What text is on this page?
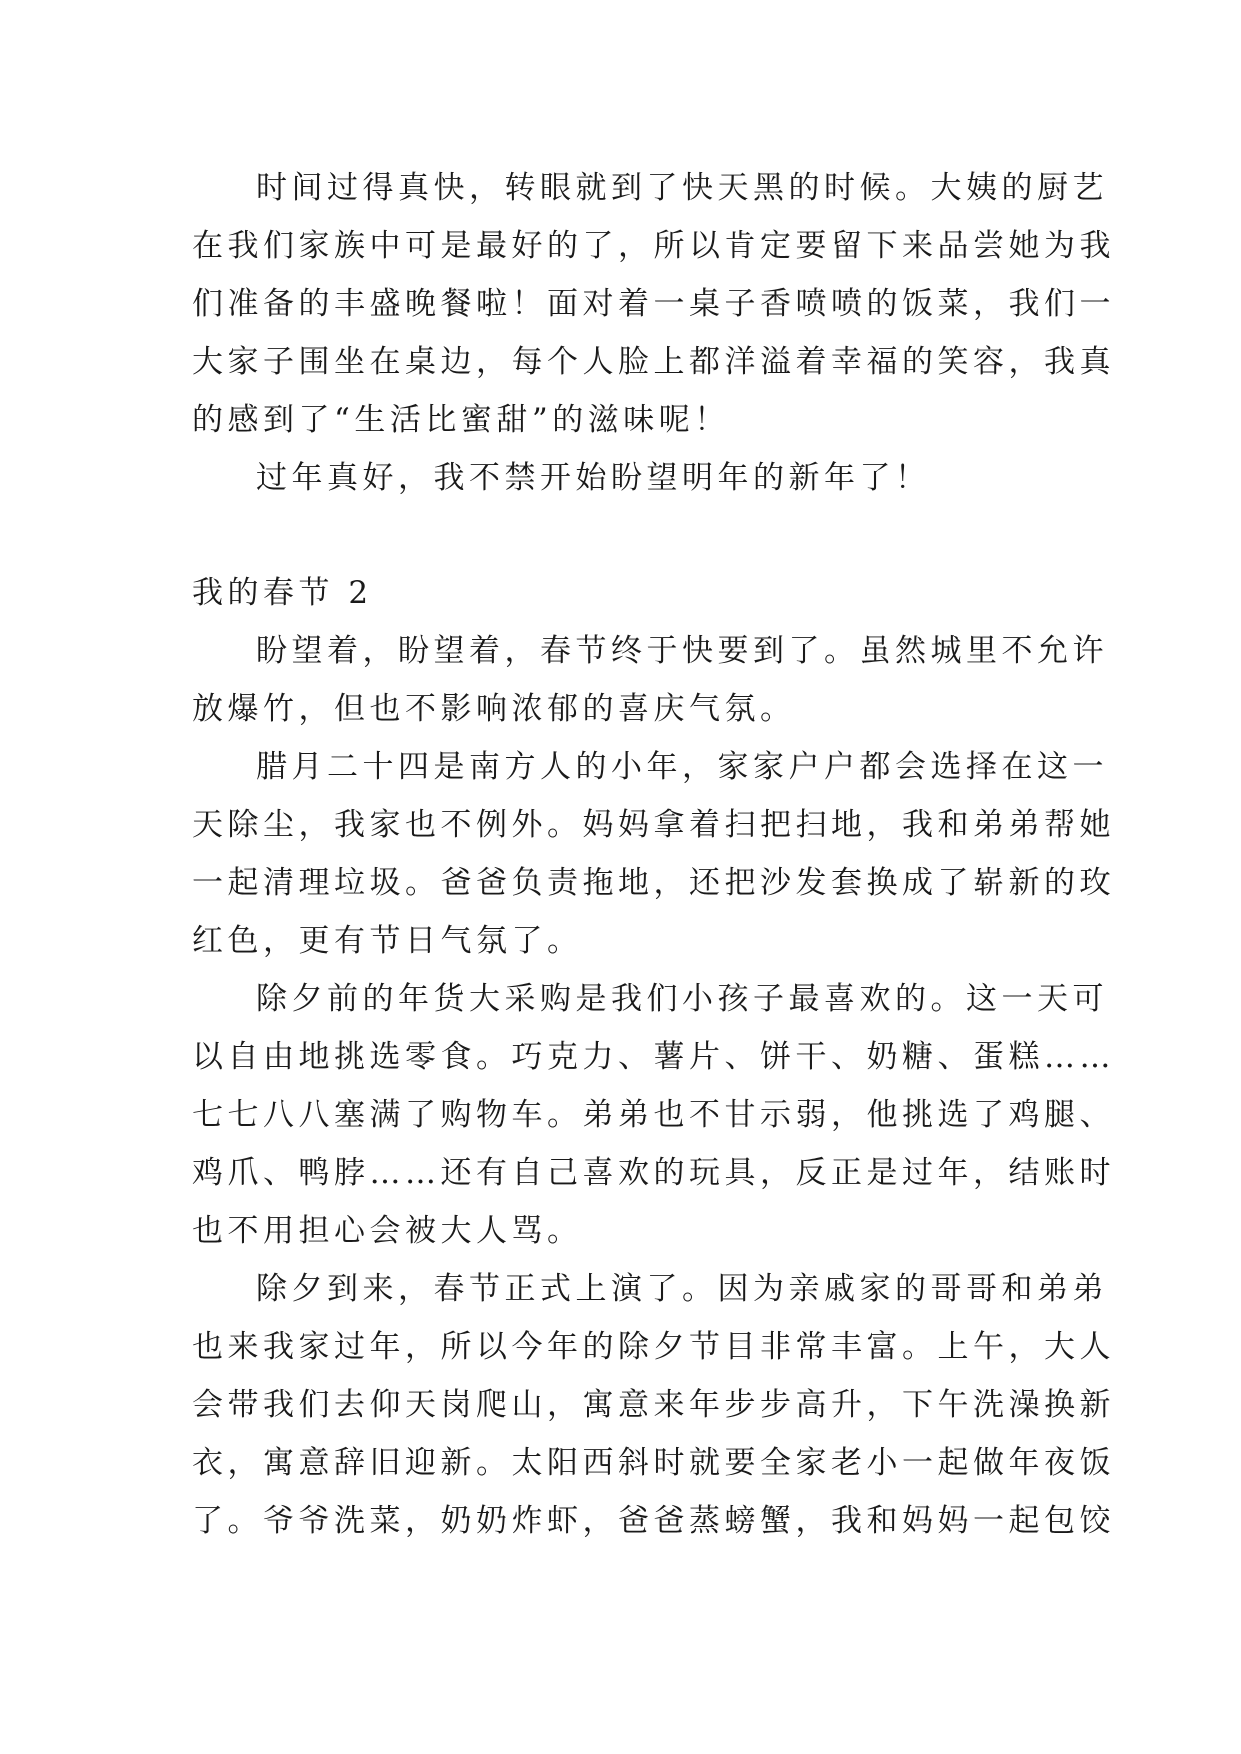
时间过得真快，转眼就到了快天黑的时候。大姨的厨艺

在我们家族中可是最好的了，所以肯定要留下来品尝她为我

们准备的丰盛晚餐啦！面对着一桌子香喷喷的饭菜，我们一

大家子围坐在桌边，每个人脸上都洋溢着幸福的笑容，我真

的感到了“生活比蜜甜”的滋味呢！

过年真好，我不禁开始盼望明年的新年了！

我的春节 2

盼望着，盼望着，春节终于快要到了。虽然城里不允许

放爆竹，但也不影响浓郁的喜庆气氛。

腊月二十四是南方人的小年，家家户户都会选择在这一

天除尘，我家也不例外。妈妈拿着扫把扫地，我和弟弟帮她

一起清理垃圾。爸爸负责拖地，还把沙发套换成了崭新的玫

红色，更有节日气氛了。

除夕前的年货大采购是我们小孩子最喜欢的。这一天可

以自由地挑选零食。巧克力、薯片、饼干、奶糖、蛋糕……

七七八八塞满了购物车。弟弟也不甘示弱，他挑选了鸡腿、

鸡爪、鸭脖……还有自己喜欢的玩具，反正是过年，结账时

也不用担心会被大人骂。

除夕到来，春节正式上演了。因为亲戚家的哥哥和弟弟

也来我家过年，所以今年的除夕节目非常丰富。上午，大人

会带我们去仰天岗爬山，寓意来年步步高升，下午洗澡换新

衣，寓意辞旧迎新。太阳西斜时就要全家老小一起做年夜饭

了。爷爷洗菜，奶奶炸虾，爸爸蒸螃蟹，我和妈妈一起包饺
